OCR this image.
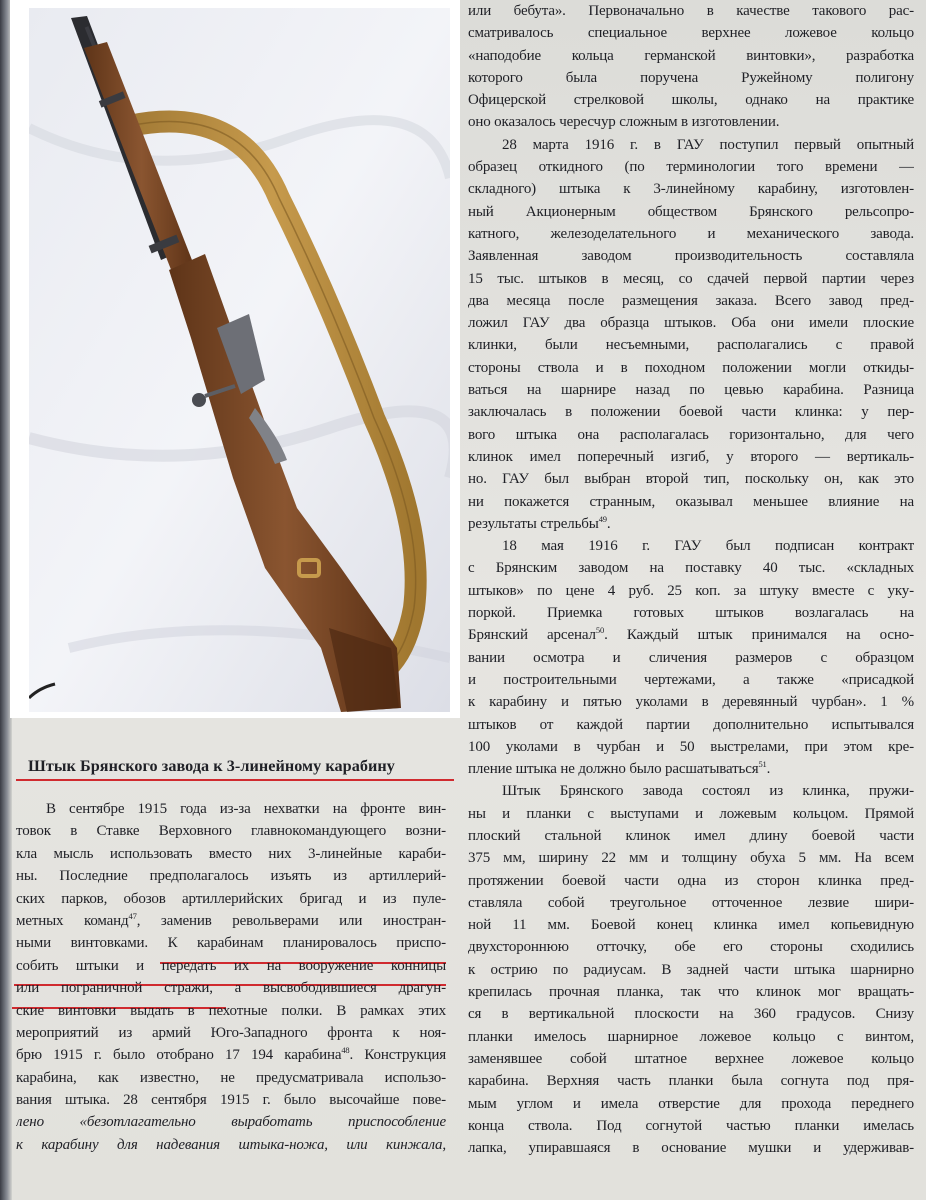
Штык Брянского завода к 3-линейному карабину
В сентябре 1915 года из-за нехватки на фронте вин-
товок в Ставке Верховного главнокомандующего возни-
кла мысль использовать вместо них 3-линейные караби-
ны. Последние предполагалось изъять из артиллерий-
ских парков, обозов артиллерийских бригад и из пуле-
метных команд$^{47}$, заменив револьверами или иностран-
ными винтовками. К карабинам планировалось приспо-
собить штыки и передать их на вооружение конницы
или пограничной стражи, а высвободившиеся драгун-
ские винтовки выдать в пехотные полки. В рамках этих
мероприятий из армий Юго-Западного фронта к ноя-
брю 1915 г. было отобрано 17 194 карабина$^{48}$. Конструкция
карабина, как известно, не предусматривала использо-
вания штыка. 28 сентября 1915 г. было высочайше пове-
лено «безотлагательно выработать приспособление
к карабину для надевания штыка-ножа, или кинжала,
или бебута». Первоначально в качестве такового рас-
сматривалось специальное верхнее ложевое кольцо
«наподобие кольца германской винтовки», разработка
которого была поручена Ружейному полигону
Офицерской стрелковой школы, однако на практике
оно оказалось чересчур сложным в изготовлении.
28 марта 1916 г. в ГАУ поступил первый опытный
образец откидного (по терминологии того времени —
складного) штыка к 3-линейному карабину, изготовлен-
ный Акционерным обществом Брянского рельсопро-
катного, железоделательного и механического завода.
Заявленная заводом производительность составляла
15 тыс. штыков в месяц, со сдачей первой партии через
два месяца после размещения заказа. Всего завод пред-
ложил ГАУ два образца штыков. Оба они имели плоские
клинки, были несъемными, располагались с правой
стороны ствола и в походном положении могли откиды-
ваться на шарнире назад по цевью карабина. Разница
заключалась в положении боевой части клинка: у пер-
вого штыка она располагалась горизонтально, для чего
клинок имел поперечный изгиб, у второго — вертикаль-
но. ГАУ был выбран второй тип, поскольку он, как это
ни покажется странным, оказывал меньшее влияние на
результаты стрельбы$^{49}$.
18 мая 1916 г. ГАУ был подписан контракт
с Брянским заводом на поставку 40 тыс. «складных
штыков» по цене 4 руб. 25 коп. за штуку вместе с уку-
поркой. Приемка готовых штыков возлагалась на
Брянский арсенал$^{50}$. Каждый штык принимался на осно-
вании осмотра и сличения размеров с образцом
и построительными чертежами, а также «присадкой
к карабину и пятью уколами в деревянный чурбан». 1 %
штыков от каждой партии дополнительно испытывался
100 уколами в чурбан и 50 выстрелами, при этом кре-
пление штыка не должно было расшатываться$^{51}$.
Штык Брянского завода состоял из клинка, пружи-
ны и планки с выступами и ложевым кольцом. Прямой
плоский стальной клинок имел длину боевой части
375 мм, ширину 22 мм и толщину обуха 5 мм. На всем
протяжении боевой части одна из сторон клинка пред-
ставляла собой треугольное отточенное лезвие шири-
ной 11 мм. Боевой конец клинка имел копьевидную
двухстороннюю отточку, обе его стороны сходились
к острию по радиусам. В задней части штыка шарнирно
крепилась прочная планка, так что клинок мог вращать-
ся в вертикальной плоскости на 360 градусов. Снизу
планки имелось шарнирное ложевое кольцо с винтом,
заменявшее собой штатное верхнее ложевое кольцо
карабина. Верхняя часть планки была согнута под пря-
мым углом и имела отверстие для прохода переднего
конца ствола. Под согнутой частью планки имелась
лапка, упиравшаяся в основание мушки и удерживав-
